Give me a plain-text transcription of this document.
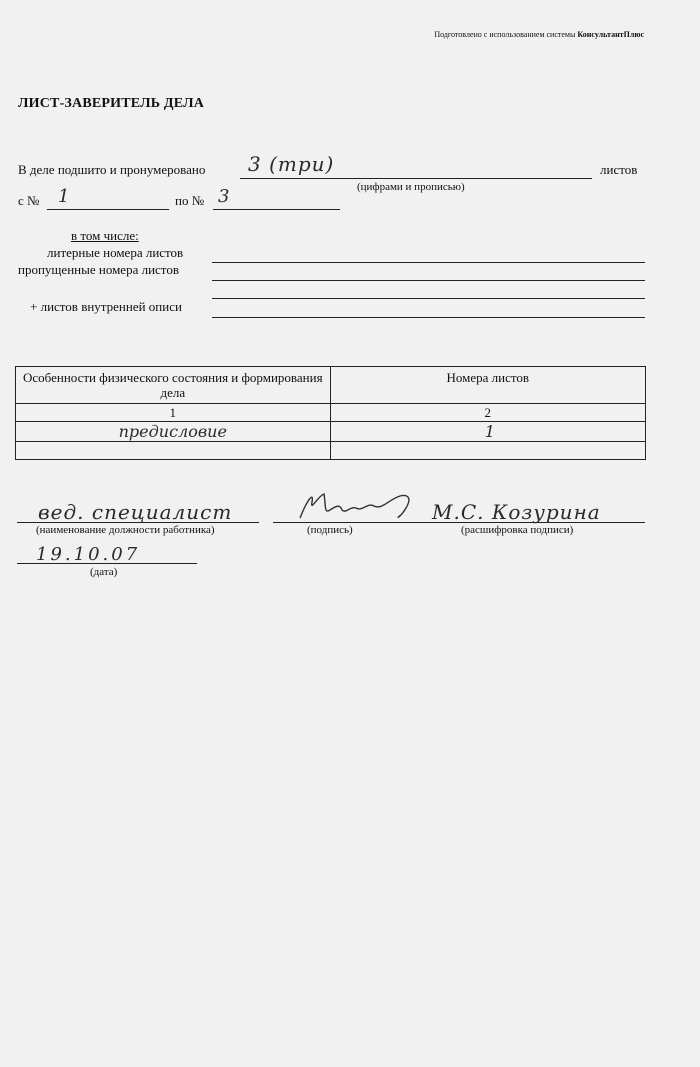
Подготовлено с использованием системы КонсультантПлюс
ЛИСТ-ЗАВЕРИТЕЛЬ ДЕЛА
В деле подшито и пронумеровано 3 (три)	листов
(цифрами и прописью)
с № 1	по № 3
в том числе:
литерные номера листов
пропущенные номера листов
+ листов внутренней описи
Особенности физического состояния и формирования дела	Номера листов
1	2
предисловие	1

вед. специалист
(наименование должности работника)	(подпись)
М.С. Козурина
(расшифровка подписи)
19.10.07
(дата)
